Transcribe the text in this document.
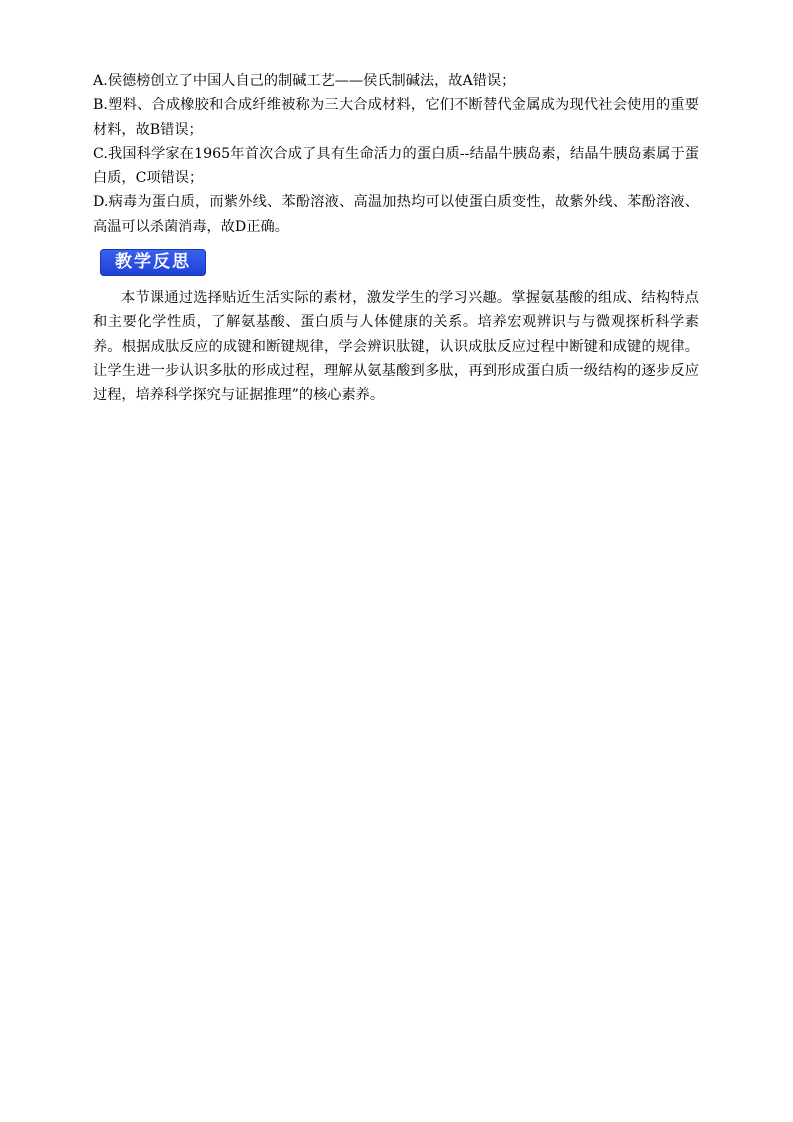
A.侯德榜创立了中国人自己的制碱工艺——侯氏制碱法，故A错误；

B.塑料、合成橡胶和合成纤维被称为三大合成材料，它们不断替代金属成为现代社会使用的重要材料，故B错误；

C.我国科学家在1965年首次合成了具有生命活力的蛋白质--结晶牛胰岛素，结晶牛胰岛素属于蛋白质，C项错误；

D.病毒为蛋白质，而紫外线、苯酚溶液、高温加热均可以使蛋白质变性，故紫外线、苯酚溶液、高温可以杀菌消毒，故D正确。

教学反思

本节课通过选择贴近生活实际的素材，激发学生的学习兴趣。掌握氨基酸的组成、结构特点和主要化学性质，了解氨基酸、蛋白质与人体健康的关系。培养宏观辨识与与微观探析科学素养。根据成肽反应的成键和断键规律，学会辨识肽键，认识成肽反应过程中断键和成键的规律。让学生进一步认识多肽的形成过程，理解从氨基酸到多肽，再到形成蛋白质一级结构的逐步反应过程，培养科学探究与证据推理”的核心素养。
